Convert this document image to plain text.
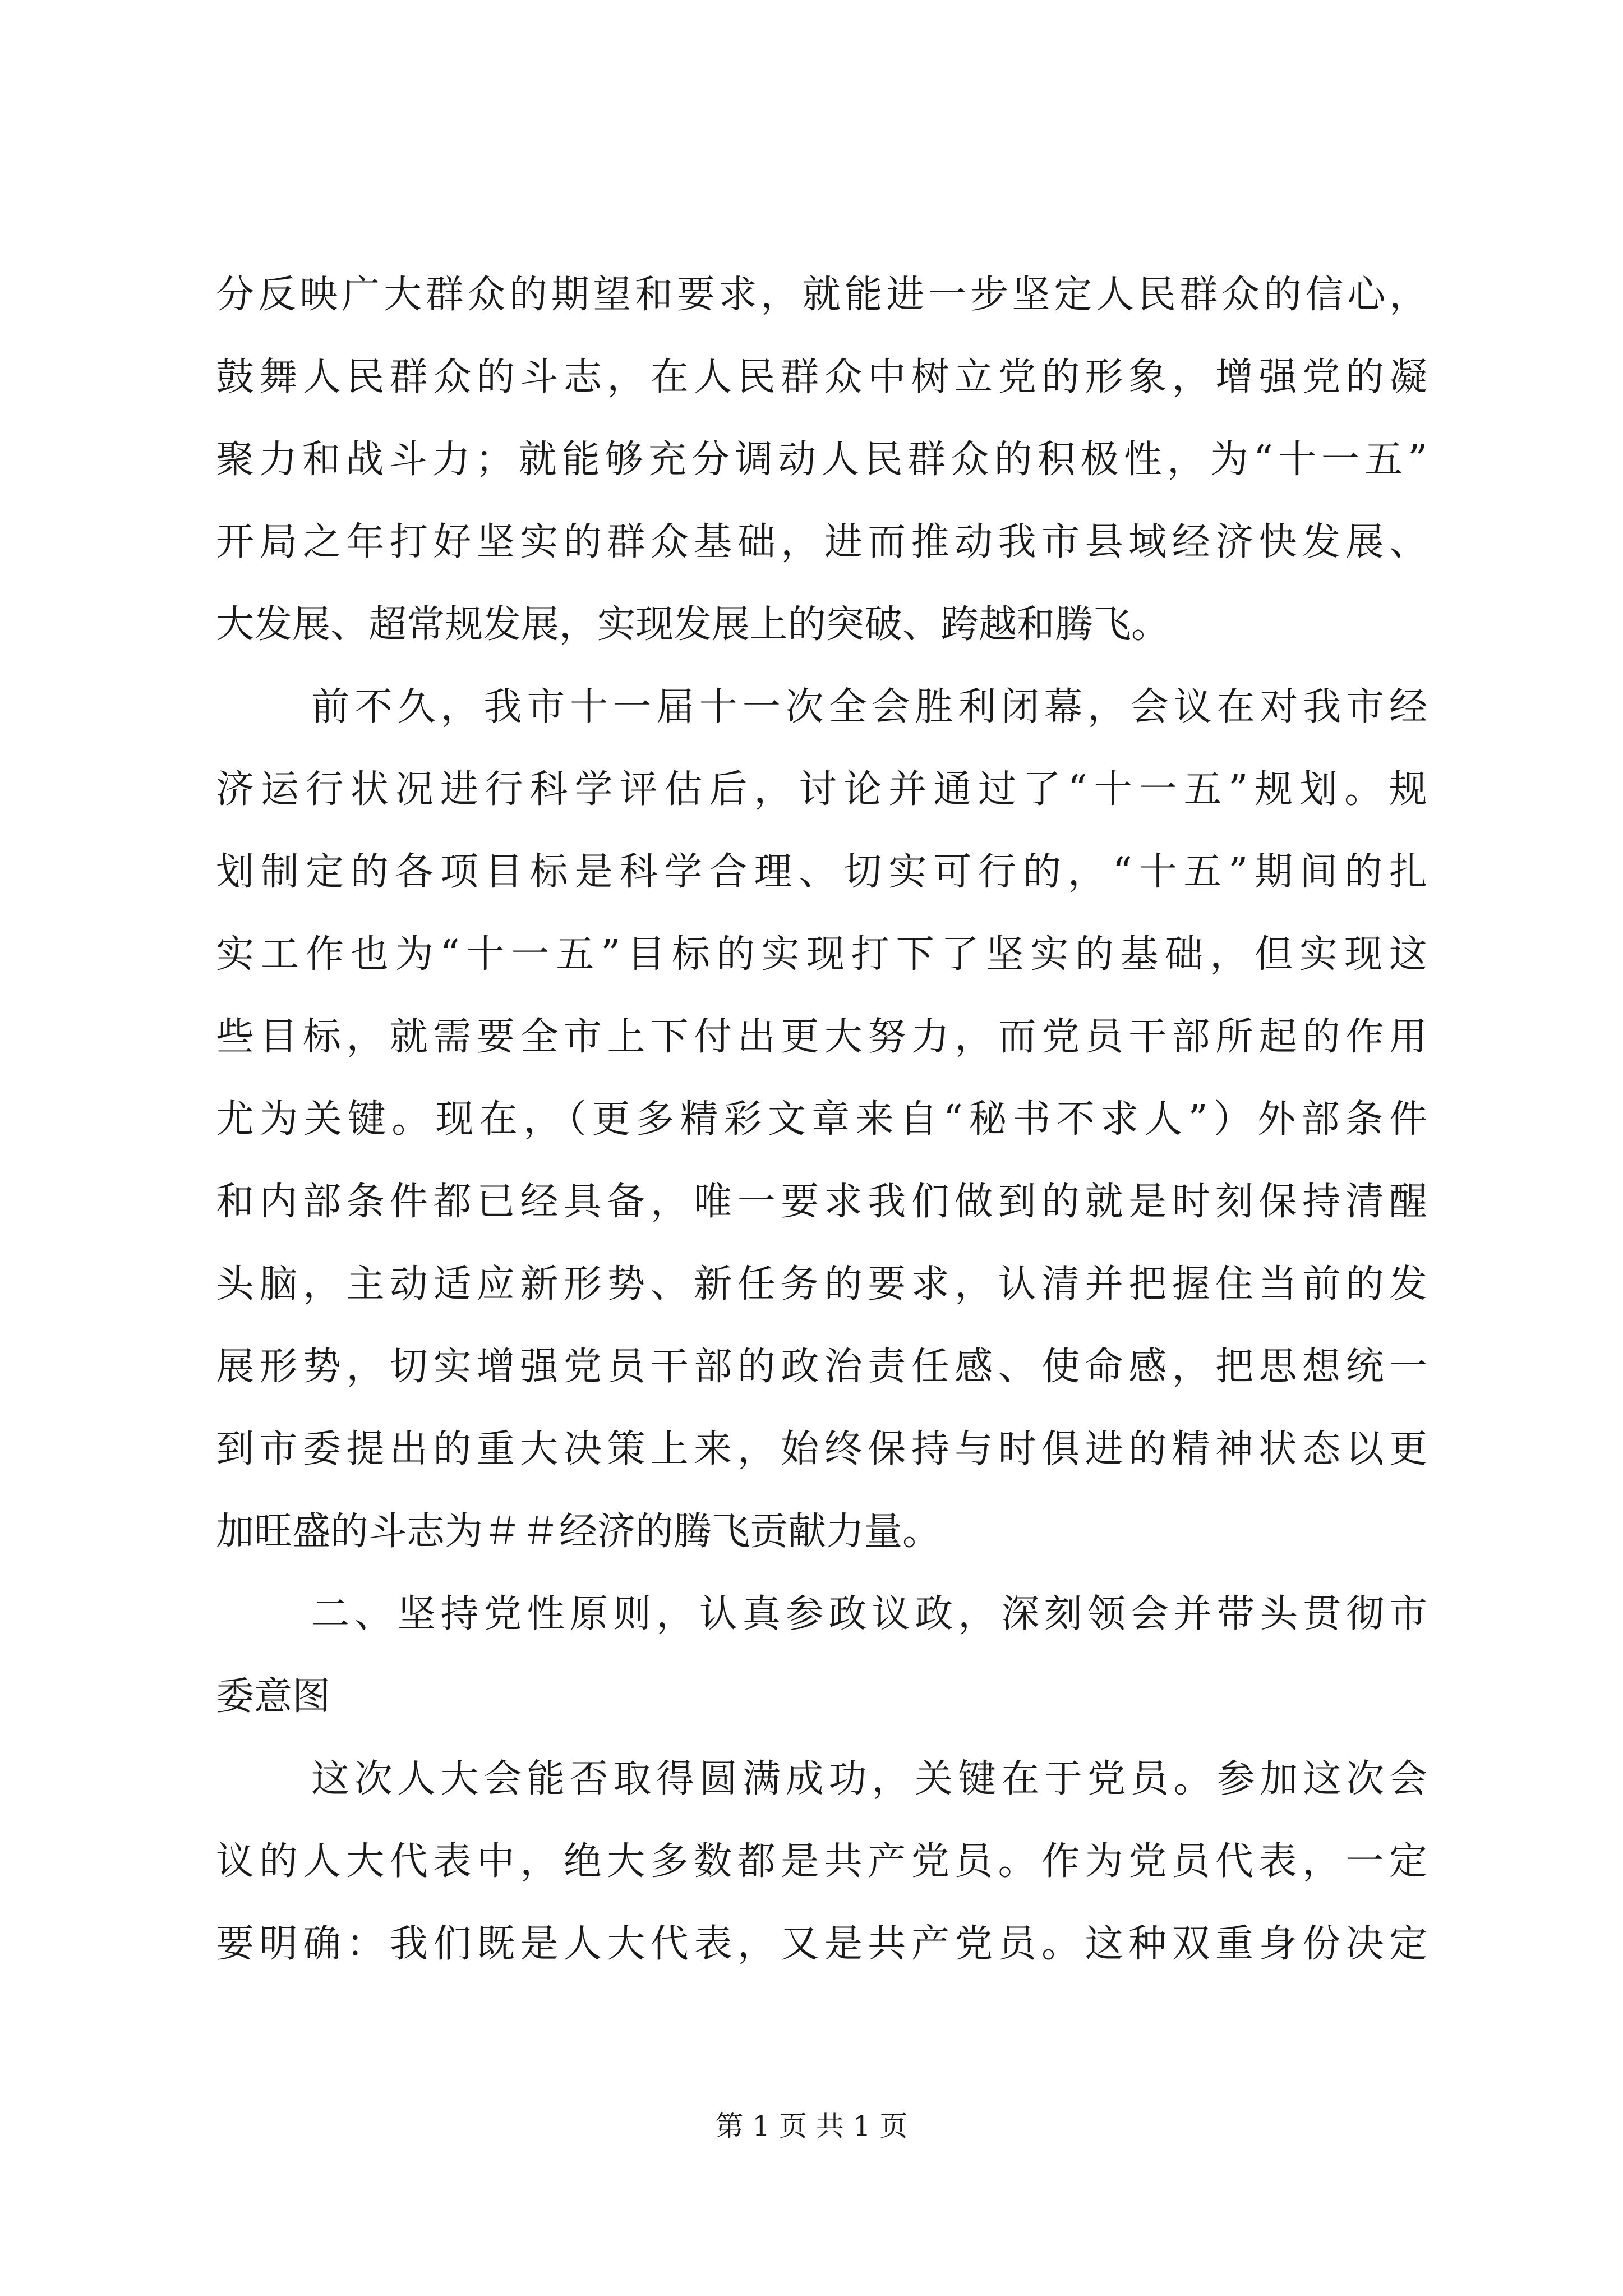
分反映广大群众的期望和要求，就能进一步坚定人民群众的信心，
鼓舞人民群众的斗志，在人民群众中树立党的形象，增强党的凝
聚力和战斗力；就能够充分调动人民群众的积极性，为“十一五”
开局之年打好坚实的群众基础，进而推动我市县域经济快发展、
大发展、超常规发展，实现发展上的突破、跨越和腾飞。
前不久，我市十一届十一次全会胜利闭幕，会议在对我市经
济运行状况进行科学评估后，讨论并通过了“十一五”规划。规
划制定的各项目标是科学合理、切实可行的，“十五”期间的扎
实工作也为“十一五”目标的实现打下了坚实的基础，但实现这
些目标，就需要全市上下付出更大努力，而党员干部所起的作用
尤为关键。现在，（更多精彩文章来自“秘书不求人”）外部条件
和内部条件都已经具备，唯一要求我们做到的就是时刻保持清醒
头脑，主动适应新形势、新任务的要求，认清并把握住当前的发
展形势，切实增强党员干部的政治责任感、使命感，把思想统一
到市委提出的重大决策上来，始终保持与时俱进的精神状态以更
加旺盛的斗志为＃＃经济的腾飞贡献力量。
二、坚持党性原则，认真参政议政，深刻领会并带头贯彻市
委意图
这次人大会能否取得圆满成功，关键在于党员。参加这次会
议的人大代表中，绝大多数都是共产党员。作为党员代表，一定
要明确：我们既是人大代表，又是共产党员。这种双重身份决定
第 1 页 共 1 页
